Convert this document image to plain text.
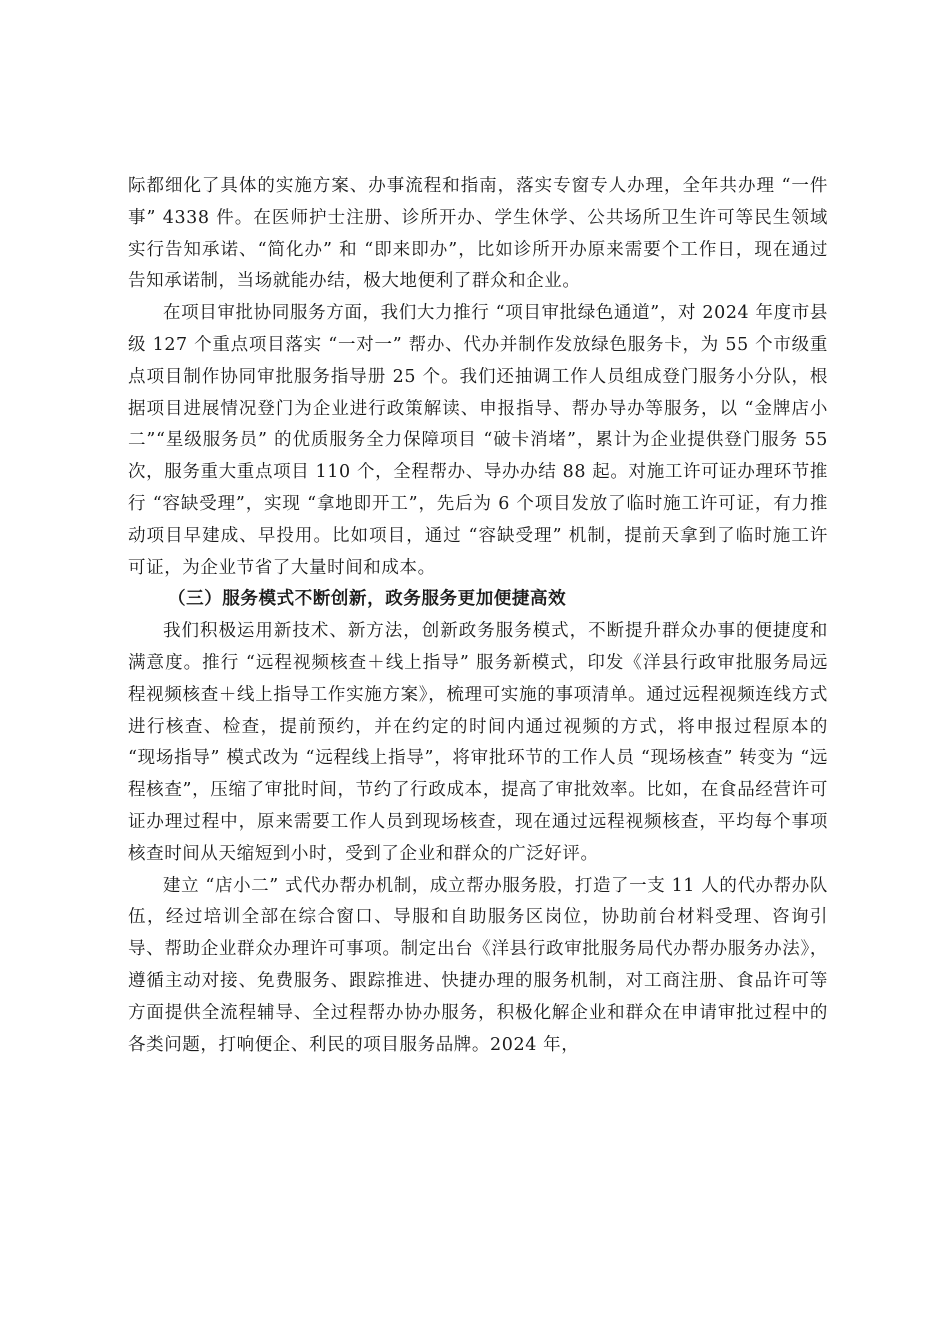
际都细化了具体的实施方案、办事流程和指南，落实专窗专人办理，全年共办理 “一件事” 4338 件。在医师护士注册、诊所开办、学生休学、公共场所卫生许可等民生领域实行告知承诺、“简化办” 和 “即来即办”，比如诊所开办原来需要个工作日，现在通过告知承诺制，当场就能办结，极大地便利了群众和企业。

在项目审批协同服务方面，我们大力推行 “项目审批绿色通道”，对 2024 年度市县级 127 个重点项目落实 “一对一” 帮办、代办并制作发放绿色服务卡，为 55 个市级重点项目制作协同审批服务指导册 25 个。我们还抽调工作人员组成登门服务小分队，根据项目进展情况登门为企业进行政策解读、申报指导、帮办导办等服务，以 “金牌店小二”“星级服务员” 的优质服务全力保障项目 “破卡消堵”，累计为企业提供登门服务 55 次，服务重大重点项目 110 个，全程帮办、导办办结 88 起。对施工许可证办理环节推行 “容缺受理”，实现 “拿地即开工”，先后为 6 个项目发放了临时施工许可证，有力推动项目早建成、早投用。比如项目，通过 “容缺受理” 机制，提前天拿到了临时施工许可证，为企业节省了大量时间和成本。

（三）服务模式不断创新，政务服务更加便捷高效

我们积极运用新技术、新方法，创新政务服务模式，不断提升群众办事的便捷度和满意度。推行 “远程视频核查＋线上指导” 服务新模式，印发《洋县行政审批服务局远程视频核查＋线上指导工作实施方案》，梳理可实施的事项清单。通过远程视频连线方式进行核查、检查，提前预约，并在约定的时间内通过视频的方式，将申报过程原本的 “现场指导” 模式改为 “远程线上指导”，将审批环节的工作人员 “现场核查” 转变为 “远程核查”，压缩了审批时间，节约了行政成本，提高了审批效率。比如，在食品经营许可证办理过程中，原来需要工作人员到现场核查，现在通过远程视频核查，平均每个事项核查时间从天缩短到小时，受到了企业和群众的广泛好评。

建立 “店小二” 式代办帮办机制，成立帮办服务股，打造了一支 11 人的代办帮办队伍，经过培训全部在综合窗口、导服和自助服务区岗位，协助前台材料受理、咨询引导、帮助企业群众办理许可事项。制定出台《洋县行政审批服务局代办帮办服务办法》，遵循主动对接、免费服务、跟踪推进、快捷办理的服务机制，对工商注册、食品许可等方面提供全流程辅导、全过程帮办协办服务，积极化解企业和群众在申请审批过程中的各类问题，打响便企、利民的项目服务品牌。2024 年，
